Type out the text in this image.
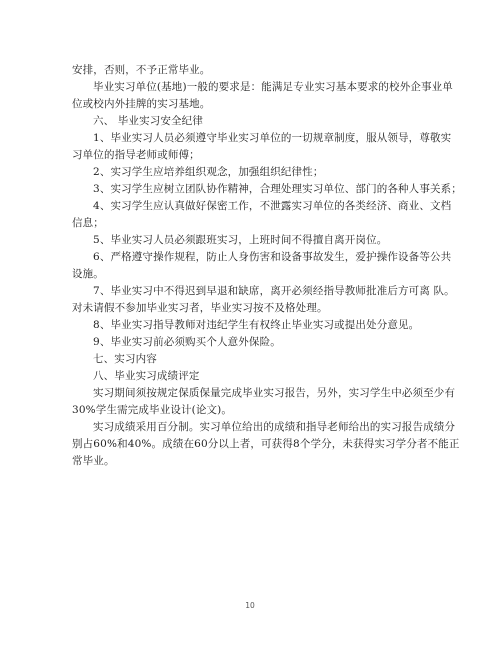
安排，否则，不予正常毕业。
毕业实习单位(基地)一般的要求是：能满足专业实习基本要求的校外企事业单
位或校内外挂牌的实习基地。
六、 毕业实习安全纪律
1、毕业实习人员必须遵守毕业实习单位的一切规章制度，服从领导，尊敬实
习单位的指导老师或师傅；
2、实习学生应培养组织观念，加强组织纪律性；
3、实习学生应树立团队协作精神，合理处理实习单位、部门的各种人事关系；
4、实习学生应认真做好保密工作，不泄露实习单位的各类经济、商业、文档
信息；
5、毕业实习人员必须跟班实习，上班时间不得擅自离开岗位。
6、严格遵守操作规程，防止人身伤害和设备事故发生，爱护操作设备等公共
设施。
7、毕业实习中不得迟到早退和缺席，离开必须经指导教师批准后方可离 队。
对未请假不参加毕业实习者，毕业实习按不及格处理。
8、毕业实习指导教师对违纪学生有权终止毕业实习或提出处分意见。
9、毕业实习前必须购买个人意外保险。
七、实习内容
八、毕业实习成绩评定
实习期间须按规定保质保量完成毕业实习报告，另外，实习学生中必须至少有
30%学生需完成毕业设计(论文)。
实习成绩采用百分制。实习单位给出的成绩和指导老师给出的实习报告成绩分
别占60%和40%。成绩在60分以上者，可获得8个学分，未获得实习学分者不能正
常毕业。
10
